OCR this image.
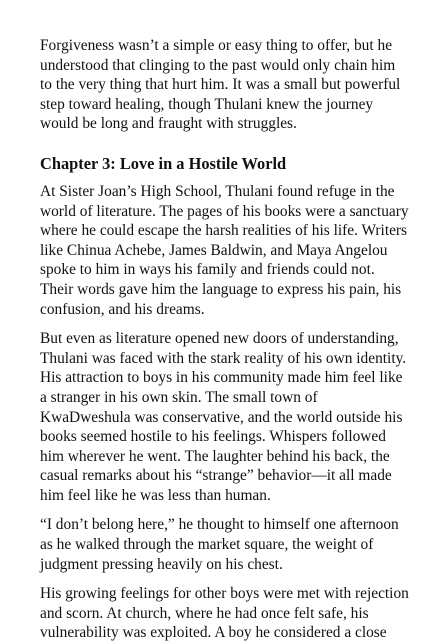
Forgiveness wasn’t a simple or easy thing to offer, but he
understood that clinging to the past would only chain him
to the very thing that hurt him. It was a small but powerful
step toward healing, though Thulani knew the journey
would be long and fraught with struggles.
Chapter 3: Love in a Hostile World
At Sister Joan’s High School, Thulani found refuge in the
world of literature. The pages of his books were a sanctuary
where he could escape the harsh realities of his life. Writers
like Chinua Achebe, James Baldwin, and Maya Angelou
spoke to him in ways his family and friends could not.
Their words gave him the language to express his pain, his
confusion, and his dreams.
But even as literature opened new doors of understanding,
Thulani was faced with the stark reality of his own identity.
His attraction to boys in his community made him feel like
a stranger in his own skin. The small town of
KwaDweshula was conservative, and the world outside his
books seemed hostile to his feelings. Whispers followed
him wherever he went. The laughter behind his back, the
casual remarks about his “strange” behavior—it all made
him feel like he was less than human.
“I don’t belong here,” he thought to himself one afternoon
as he walked through the market square, the weight of
judgment pressing heavily on his chest.
His growing feelings for other boys were met with rejection
and scorn. At church, where he had once felt safe, his
vulnerability was exploited. A boy he considered a close
